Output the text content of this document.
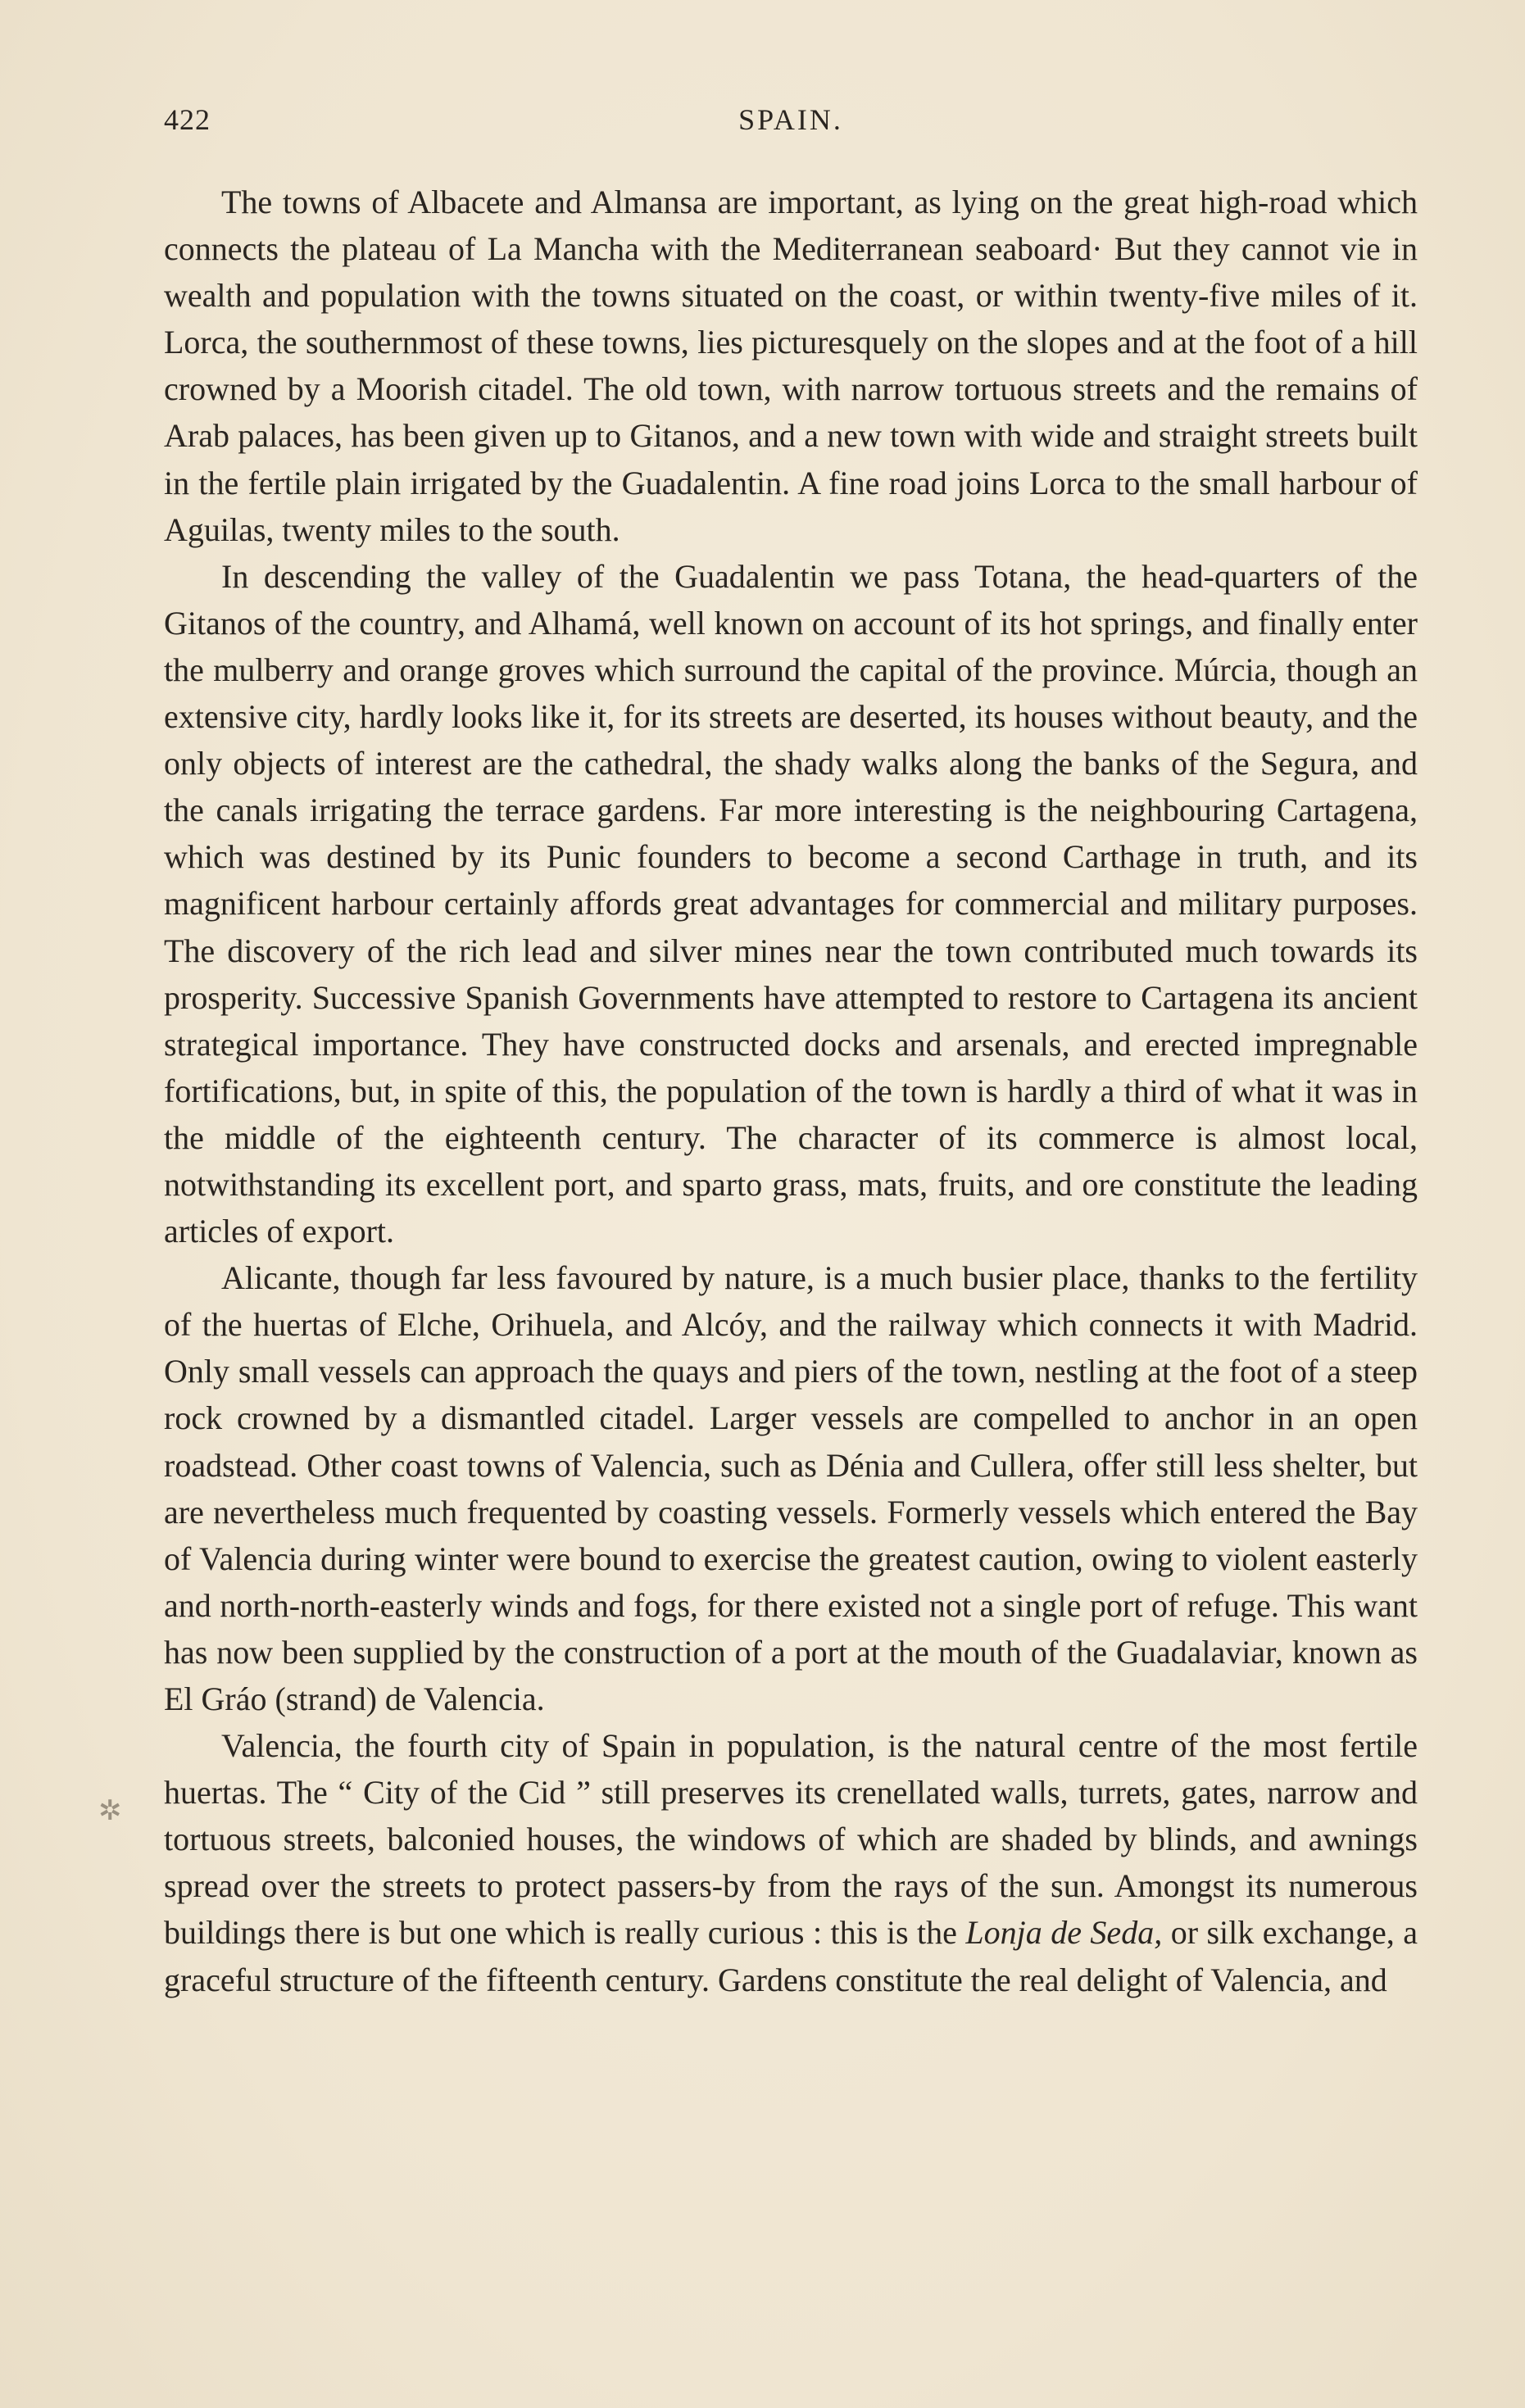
422	SPAIN.

The towns of Albacete and Almansa are important, as lying on the great high-road which connects the plateau of La Mancha with the Mediterranean seaboard· But they cannot vie in wealth and population with the towns situated on the coast, or within twenty-five miles of it. Lorca, the southernmost of these towns, lies picturesquely on the slopes and at the foot of a hill crowned by a Moorish citadel. The old town, with narrow tortuous streets and the remains of Arab palaces, has been given up to Gitanos, and a new town with wide and straight streets built in the fertile plain irrigated by the Guadalentin. A fine road joins Lorca to the small harbour of Aguilas, twenty miles to the south.

In descending the valley of the Guadalentin we pass Totana, the head-quarters of the Gitanos of the country, and Alhamá, well known on account of its hot springs, and finally enter the mulberry and orange groves which surround the capital of the province. Múrcia, though an extensive city, hardly looks like it, for its streets are deserted, its houses without beauty, and the only objects of interest are the cathedral, the shady walks along the banks of the Segura, and the canals irrigating the terrace gardens. Far more interesting is the neighbouring Cartagena, which was destined by its Punic founders to become a second Carthage in truth, and its magnificent harbour certainly affords great advantages for commercial and military purposes. The discovery of the rich lead and silver mines near the town contributed much towards its prosperity. Successive Spanish Governments have attempted to restore to Cartagena its ancient strategical importance. They have constructed docks and arsenals, and erected impregnable fortifications, but, in spite of this, the population of the town is hardly a third of what it was in the middle of the eighteenth century. The character of its commerce is almost local, notwithstanding its excellent port, and sparto grass, mats, fruits, and ore constitute the leading articles of export.

Alicante, though far less favoured by nature, is a much busier place, thanks to the fertility of the huertas of Elche, Orihuela, and Alcóy, and the railway which connects it with Madrid. Only small vessels can approach the quays and piers of the town, nestling at the foot of a steep rock crowned by a dismantled citadel. Larger vessels are compelled to anchor in an open roadstead. Other coast towns of Valencia, such as Dénia and Cullera, offer still less shelter, but are nevertheless much frequented by coasting vessels. Formerly vessels which entered the Bay of Valencia during winter were bound to exercise the greatest caution, owing to violent easterly and north-north-easterly winds and fogs, for there existed not a single port of refuge. This want has now been supplied by the construction of a port at the mouth of the Guadalaviar, known as El Gráo (strand) de Valencia.

Valencia, the fourth city of Spain in population, is the natural centre of the most fertile huertas. The “ City of the Cid ” still preserves its crenellated walls, turrets, gates, narrow and tortuous streets, balconied houses, the windows of which are shaded by blinds, and awnings spread over the streets to protect passers-by from the rays of the sun. Amongst its numerous buildings there is but one which is really curious : this is the Lonja de Seda, or silk exchange, a graceful structure of the fifteenth century. Gardens constitute the real delight of Valencia, and

✲
